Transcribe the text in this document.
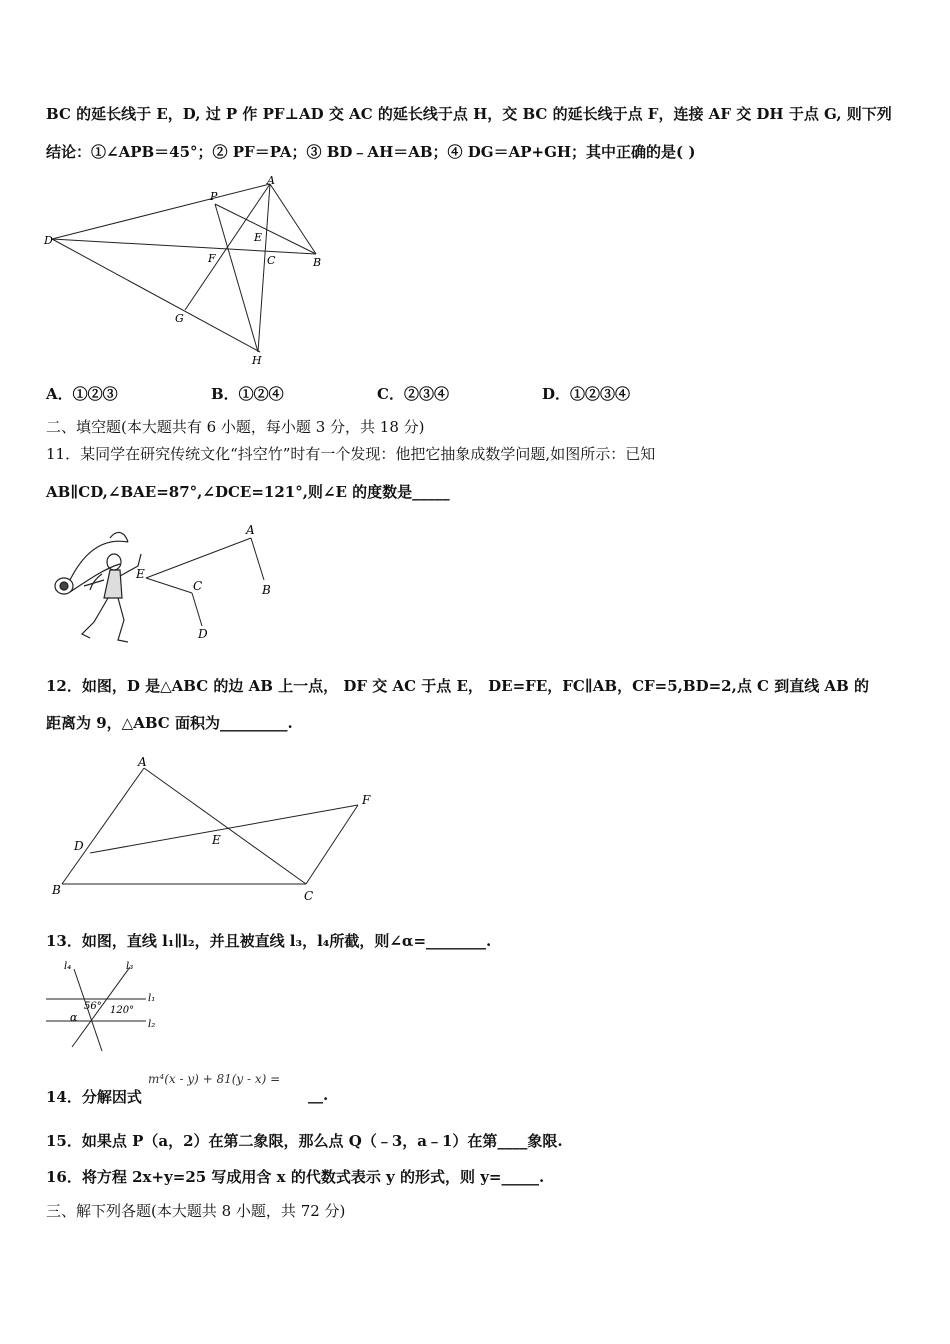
BC 的延长线于 E，D, 过 P 作 PF⊥AD 交 AC 的延长线于点 H，交 BC 的延长线于点 F，连接 AF 交 DH 于点 G, 则下列
结论：①∠APB＝45°；② PF＝PA；③ BD﹣AH＝AB；④ DG＝AP+GH；其中正确的是( )
A
P
D	E
F	C	B
G
H
A．①②③	B．①②④	C．②③④	D．①②③④
二、填空题(本大题共有 6 小题，每小题 3 分，共 18 分)
11．某同学在研究传统文化“抖空竹”时有一个发现：他把它抽象成数学问题,如图所示：已知
AB∥CD,∠BAE=87°,∠DCE=121°,则∠E 的度数是_____
A
B
E
C
D
12．如图，D 是△ABC 的边 AB 上一点， DF 交 AC 于点 E， DE=FE，FC∥AB，CF=5,BD=2,点 C 到直线 AB 的
距离为 9，△ABC 面积为_________.
A
D	E
F
B	C
13．如图，直线 l₁∥l₂，并且被直线 l₃，l₄所截，则∠α=________.
l₄	l₃
l₁
l₂
56° 120°
α
14．分解因式
m⁴(x - y) + 81(y - x) =
__.
15．如果点 P（a，2）在第二象限，那么点 Q（﹣3，a﹣1）在第____象限.
16．将方程 2x+y=25 写成用含 x 的代数式表示 y 的形式，则 y=_____.
三、解下列各题(本大题共 8 小题，共 72 分)
